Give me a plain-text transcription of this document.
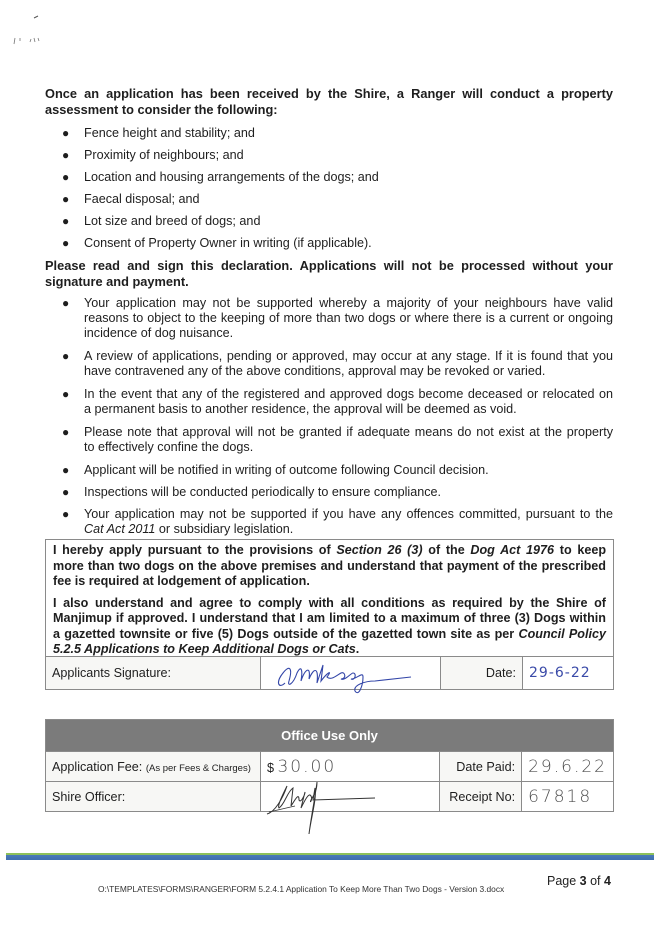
Once an application has been received by the Shire, a Ranger will conduct a property
assessment to consider the following:
● Fence height and stability; and
● Proximity of neighbours; and
● Location and housing arrangements of the dogs; and
● Faecal disposal; and
● Lot size and breed of dogs; and
● Consent of Property Owner in writing (if applicable).
Please read and sign this declaration. Applications will not be processed without your
signature and payment.
● Your application may not be supported whereby a majority of your neighbours have valid
reasons to object to the keeping of more than two dogs or where there is a current or ongoing
incidence of dog nuisance.
● A review of applications, pending or approved, may occur at any stage. If it is found that you
have contravened any of the above conditions, approval may be revoked or varied.
● In the event that any of the registered and approved dogs become deceased or relocated on
a permanent basis to another residence, the approval will be deemed as void.
● Please note that approval will not be granted if adequate means do not exist at the property
to effectively confine the dogs.
● Applicant will be notified in writing of outcome following Council decision.
● Inspections will be conducted periodically to ensure compliance.
● Your application may not be supported if you have any offences committed, pursuant to the
Cat Act 2011 or subsidiary legislation.

I hereby apply pursuant to the provisions of Section 26 (3) of the Dog Act 1976 to keep
more than two dogs on the above premises and understand that payment of the prescribed
fee is required at lodgement of application.

I also understand and agree to comply with all conditions as required by the Shire of
Manjimup if approved. I understand that I am limited to a maximum of three (3) Dogs within
a gazetted townsite or five (5) Dogs outside of the gazetted town site as per Council Policy
5.2.5 Applications to Keep Additional Dogs or Cats.

Applicants Signature:		Date:	29-6-22
Office Use Only			
Application Fee: (As per Fees & Charges)	$ 30.00	Date Paid:	29.6.22
Shire Officer:		Receipt No:	67818
Page 3 of 4
O:\TEMPLATES\FORMS\RANGER\FORM 5.2.4.1 Application To Keep More Than Two Dogs - Version 3.docx
